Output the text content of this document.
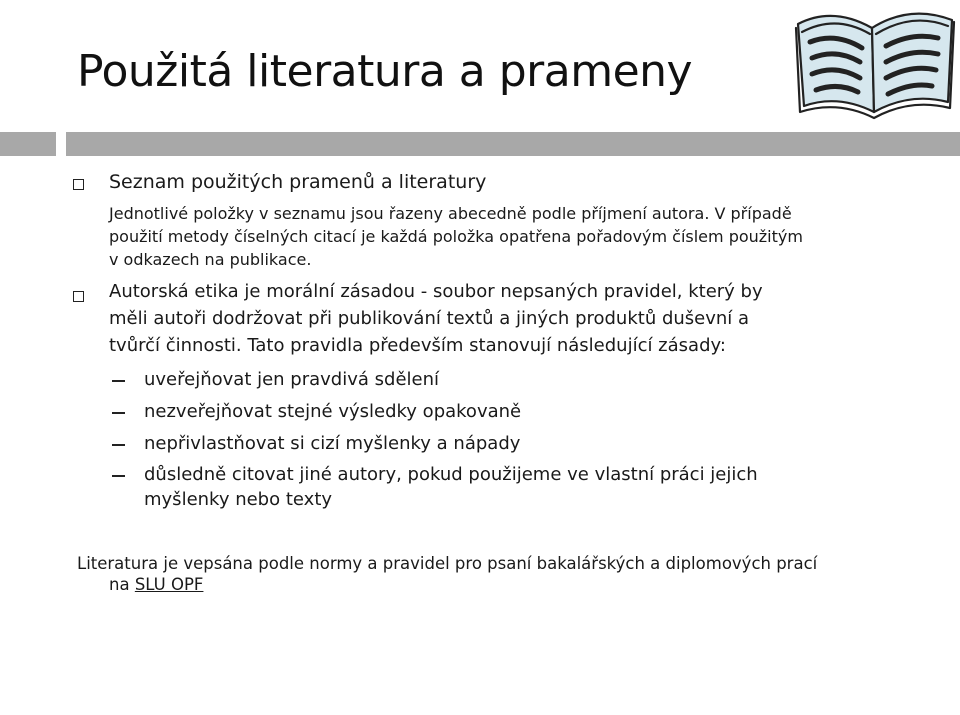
Použitá literatura a prameny
Seznam použitých pramenů a literatury
Jednotlivé položky v seznamu jsou řazeny abecedně podle příjmení autora. V případě
použití metody číselných citací je každá položka opatřena pořadovým číslem použitým
v odkazech na publikace.
Autorská etika je morální zásadou - soubor nepsaných pravidel, který by
měli autoři dodržovat při publikování textů a jiných produktů duševní a
tvůrčí činnosti. Tato pravidla především stanovují následující zásady:
uveřejňovat jen pravdivá sdělení
nezveřejňovat stejné výsledky opakovaně
nepřivlastňovat si cizí myšlenky a nápady
důsledně citovat jiné autory, pokud použijeme ve vlastní práci jejich
myšlenky nebo texty
Literatura je vepsána podle normy a pravidel pro psaní bakalářských a diplomových prací
na SLU OPF
